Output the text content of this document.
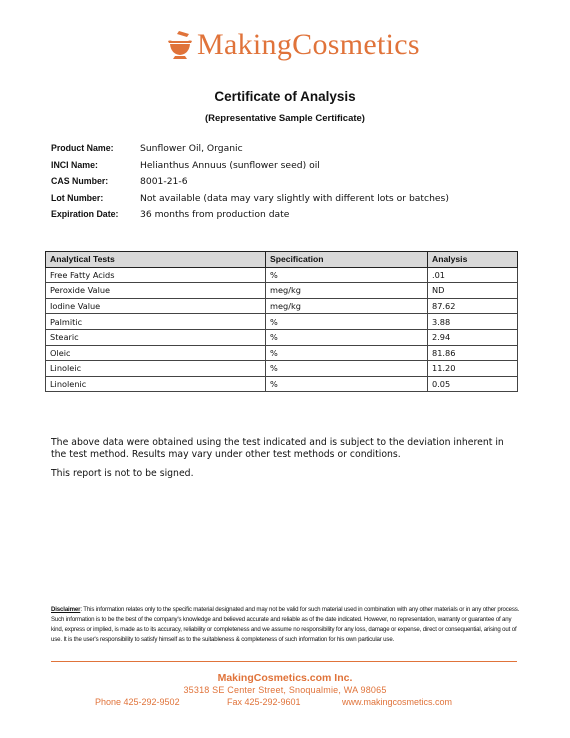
MakingCosmetics
Certificate of Analysis
(Representative Sample Certificate)
Product Name:	Sunflower Oil, Organic
INCI Name:	Helianthus Annuus (sunflower seed) oil
CAS Number:	8001-21-6
Lot Number:	Not available (data may vary slightly with different lots or batches)
Expiration Date:	36 months from production date
Analytical Tests	Specification	Analysis
Free Fatty Acids	%	.01
Peroxide Value	meg/kg	ND
Iodine Value	meg/kg	87.62
Palmitic	%	3.88
Stearic	%	2.94
Oleic	%	81.86
Linoleic	%	11.20
Linolenic	%	0.05
The above data were obtained using the test indicated and is subject to the deviation inherent in the test method. Results may vary under other test methods or conditions.
This report is not to be signed.
Disclaimer: This information relates only to the specific material designated and may not be valid for such material used in combination with any other materials or in any other process. Such information is to be the best of the company's knowledge and believed accurate and reliable as of the date indicated. However, no representation, warranty or guarantee of any kind, express or implied, is made as to its accuracy, reliability or completeness and we assume no responsibility for any loss, damage or expense, direct or consequential, arising out of use. It is the user's responsibility to satisfy himself as to the suitableness & completeness of such information for his own particular use.
MakingCosmetics.com Inc.
35318 SE Center Street, Snoqualmie, WA 98065
Phone 425-292-9502	Fax 425-292-9601	www.makingcosmetics.com
